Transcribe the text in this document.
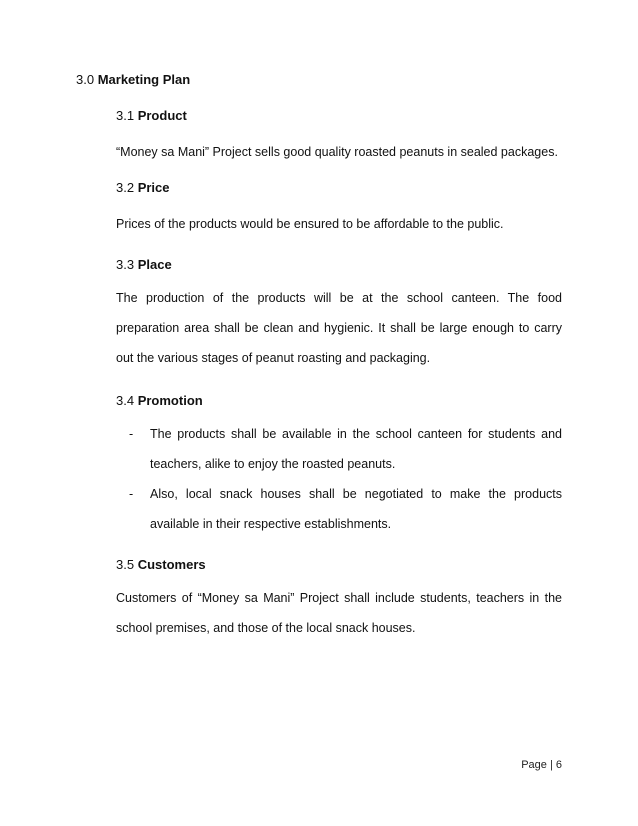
3.0 Marketing Plan

3.1 Product

“Money sa Mani” Project sells good quality roasted peanuts in sealed packages.

3.2 Price

Prices of the products would be ensured to be affordable to the public.

3.3 Place

The production of the products will be at the school canteen. The food preparation area shall be clean and hygienic. It shall be large enough to carry out the various stages of peanut roasting and packaging.

3.4 Promotion

- The products shall be available in the school canteen for students and teachers, alike to enjoy the roasted peanuts.

- Also, local snack houses shall be negotiated to make the products available in their respective establishments.

3.5 Customers

Customers of “Money sa Mani” Project shall include students, teachers in the school premises, and those of the local snack houses.

Page | 6
